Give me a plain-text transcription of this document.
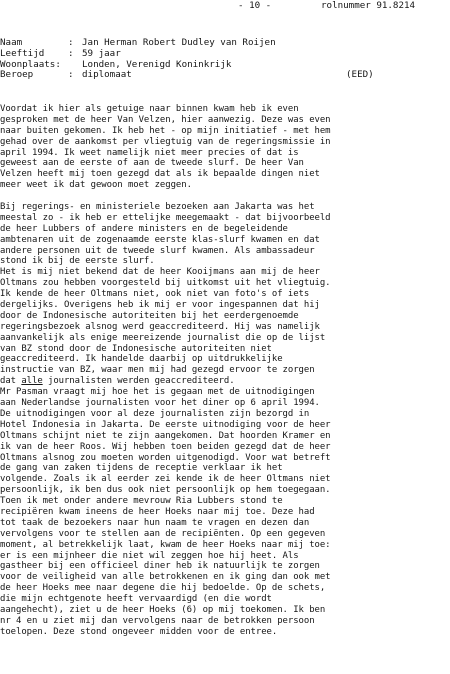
- 10 -	rolnummer 91.8214
Naam	: Jan Herman Robert Dudley van Roijen
Leeftijd	: 59 jaar
Woonplaats:	Londen, Verenigd Koninkrijk
Beroep	: diplomaat	(EED)
Voordat ik hier als getuige naar binnen kwam heb ik even
gesproken met de heer Van Velzen, hier aanwezig. Deze was even
naar buiten gekomen. Ik heb het - op mijn initiatief - met hem
gehad over de aankomst per vliegtuig van de regeringsmissie in
april 1994. Ik weet namelijk niet meer precies of dat is
geweest aan de eerste of aan de tweede slurf. De heer Van
Velzen heeft mij toen gezegd dat als ik bepaalde dingen niet
meer weet ik dat gewoon moet zeggen.
Bij regerings- en ministeriele bezoeken aan Jakarta was het
meestal zo - ik heb er ettelijke meegemaakt - dat bijvoorbeeld
de heer Lubbers of andere ministers en de begeleidende
ambtenaren uit de zogenaamde eerste klas-slurf kwamen en dat
andere personen uit de tweede slurf kwamen. Als ambassadeur
stond ik bij de eerste slurf.
Het is mij niet bekend dat de heer Kooijmans aan mij de heer
Oltmans zou hebben voorgesteld bij uitkomst uit het vliegtuig.
Ik kende de heer Oltmans niet, ook niet van foto's of iets
dergelijks. Overigens heb ik mij er voor ingespannen dat hij
door de Indonesische autoriteiten bij het eerdergenoemde
regeringsbezoek alsnog werd geaccrediteerd. Hij was namelijk
aanvankelijk als enige meereizende journalist die op de lijst
van BZ stond door de Indonesische autoriteiten niet
geaccrediteerd. Ik handelde daarbij op uitdrukkelijke
instructie van BZ, waar men mij had gezegd ervoor te zorgen
dat alle journalisten werden geaccrediteerd.
Mr Pasman vraagt mij hoe het is gegaan met de uitnodigingen
aan Nederlandse journalisten voor het diner op 6 april 1994.
De uitnodigingen voor al deze journalisten zijn bezorgd in
Hotel Indonesia in Jakarta. De eerste uitnodiging voor de heer
Oltmans schijnt niet te zijn aangekomen. Dat hoorden Kramer en
ik van de heer Roos. Wij hebben toen beiden gezegd dat de heer
Oltmans alsnog zou moeten worden uitgenodigd. Voor wat betreft
de gang van zaken tijdens de receptie verklaar ik het
volgende. Zoals ik al eerder zei kende ik de heer Oltmans niet
persoonlijk, ik ben dus ook niet persoonlijk op hem toegegaan.
Toen ik met onder andere mevrouw Ria Lubbers stond te
recipiëren kwam ineens de heer Hoeks naar mij toe. Deze had
tot taak de bezoekers naar hun naam te vragen en dezen dan
vervolgens voor te stellen aan de recipiënten. Op een gegeven
moment, al betrekkelijk laat, kwam de heer Hoeks naar mij toe:
er is een mijnheer die niet wil zeggen hoe hij heet. Als
gastheer bij een officieel diner heb ik natuurlijk te zorgen
voor de veiligheid van alle betrokkenen en ik ging dan ook met
de heer Hoeks mee naar degene die hij bedoelde. Op de schets,
die mijn echtgenote heeft vervaardigd (en die wordt
aangehecht), ziet u de heer Hoeks (6) op mij toekomen. Ik ben
nr 4 en u ziet mij dan vervolgens naar de betrokken persoon
toelopen. Deze stond ongeveer midden voor de entree.
